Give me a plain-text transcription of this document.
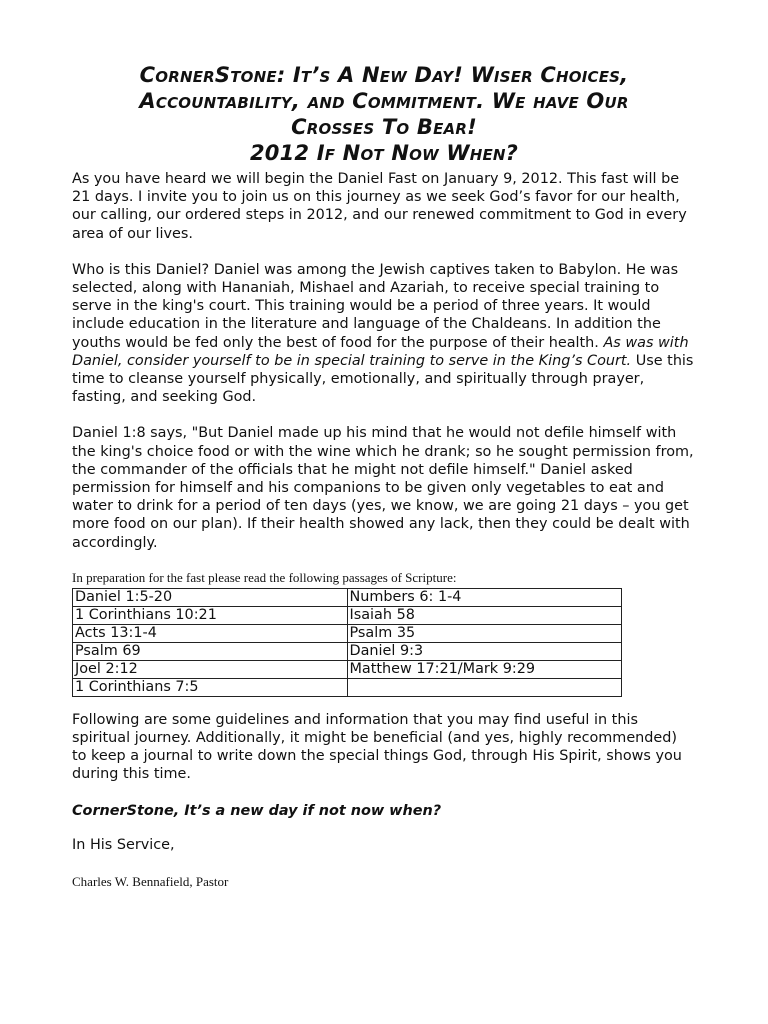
CornerStone: It’s A New Day! Wiser Choices,
Accountability, and Commitment. We have Our
Crosses To Bear!
2012 If Not Now When?

As you have heard we will begin the Daniel Fast on January 9, 2012. This fast will be 21 days. I invite you to join us on this journey as we seek God’s favor for our health, our calling, our ordered steps in 2012, and our renewed commitment to God in every area of our lives.

Who is this Daniel? Daniel was among the Jewish captives taken to Babylon. He was selected, along with Hananiah, Mishael and Azariah, to receive special training to serve in the king's court. This training would be a period of three years. It would include education in the literature and language of the Chaldeans. In addition the youths would be fed only the best of food for the purpose of their health. As was with Daniel, consider yourself to be in special training to serve in the King’s Court. Use this time to cleanse yourself physically, emotionally, and spiritually through prayer, fasting, and seeking God.

Daniel 1:8 says, "But Daniel made up his mind that he would not defile himself with the king's choice food or with the wine which he drank; so he sought permission from, the commander of the officials that he might not defile himself." Daniel asked permission for himself and his companions to be given only vegetables to eat and water to drink for a period of ten days (yes, we know, we are going 21 days – you get more food on our plan). If their health showed any lack, then they could be dealt with accordingly.

In preparation for the fast please read the following passages of Scripture:
Daniel 1:5-20	Numbers 6: 1-4
1 Corinthians 10:21	Isaiah 58
Acts 13:1-4	Psalm 35
Psalm 69	Daniel 9:3
Joel 2:12	Matthew 17:21/Mark 9:29
1 Corinthians 7:5	

Following are some guidelines and information that you may find useful in this spiritual journey. Additionally, it might be beneficial (and yes, highly recommended) to keep a journal to write down the special things God, through His Spirit, shows you during this time.

CornerStone, It’s a new day if not now when?

In His Service,

Charles W. Bennafield, Pastor
